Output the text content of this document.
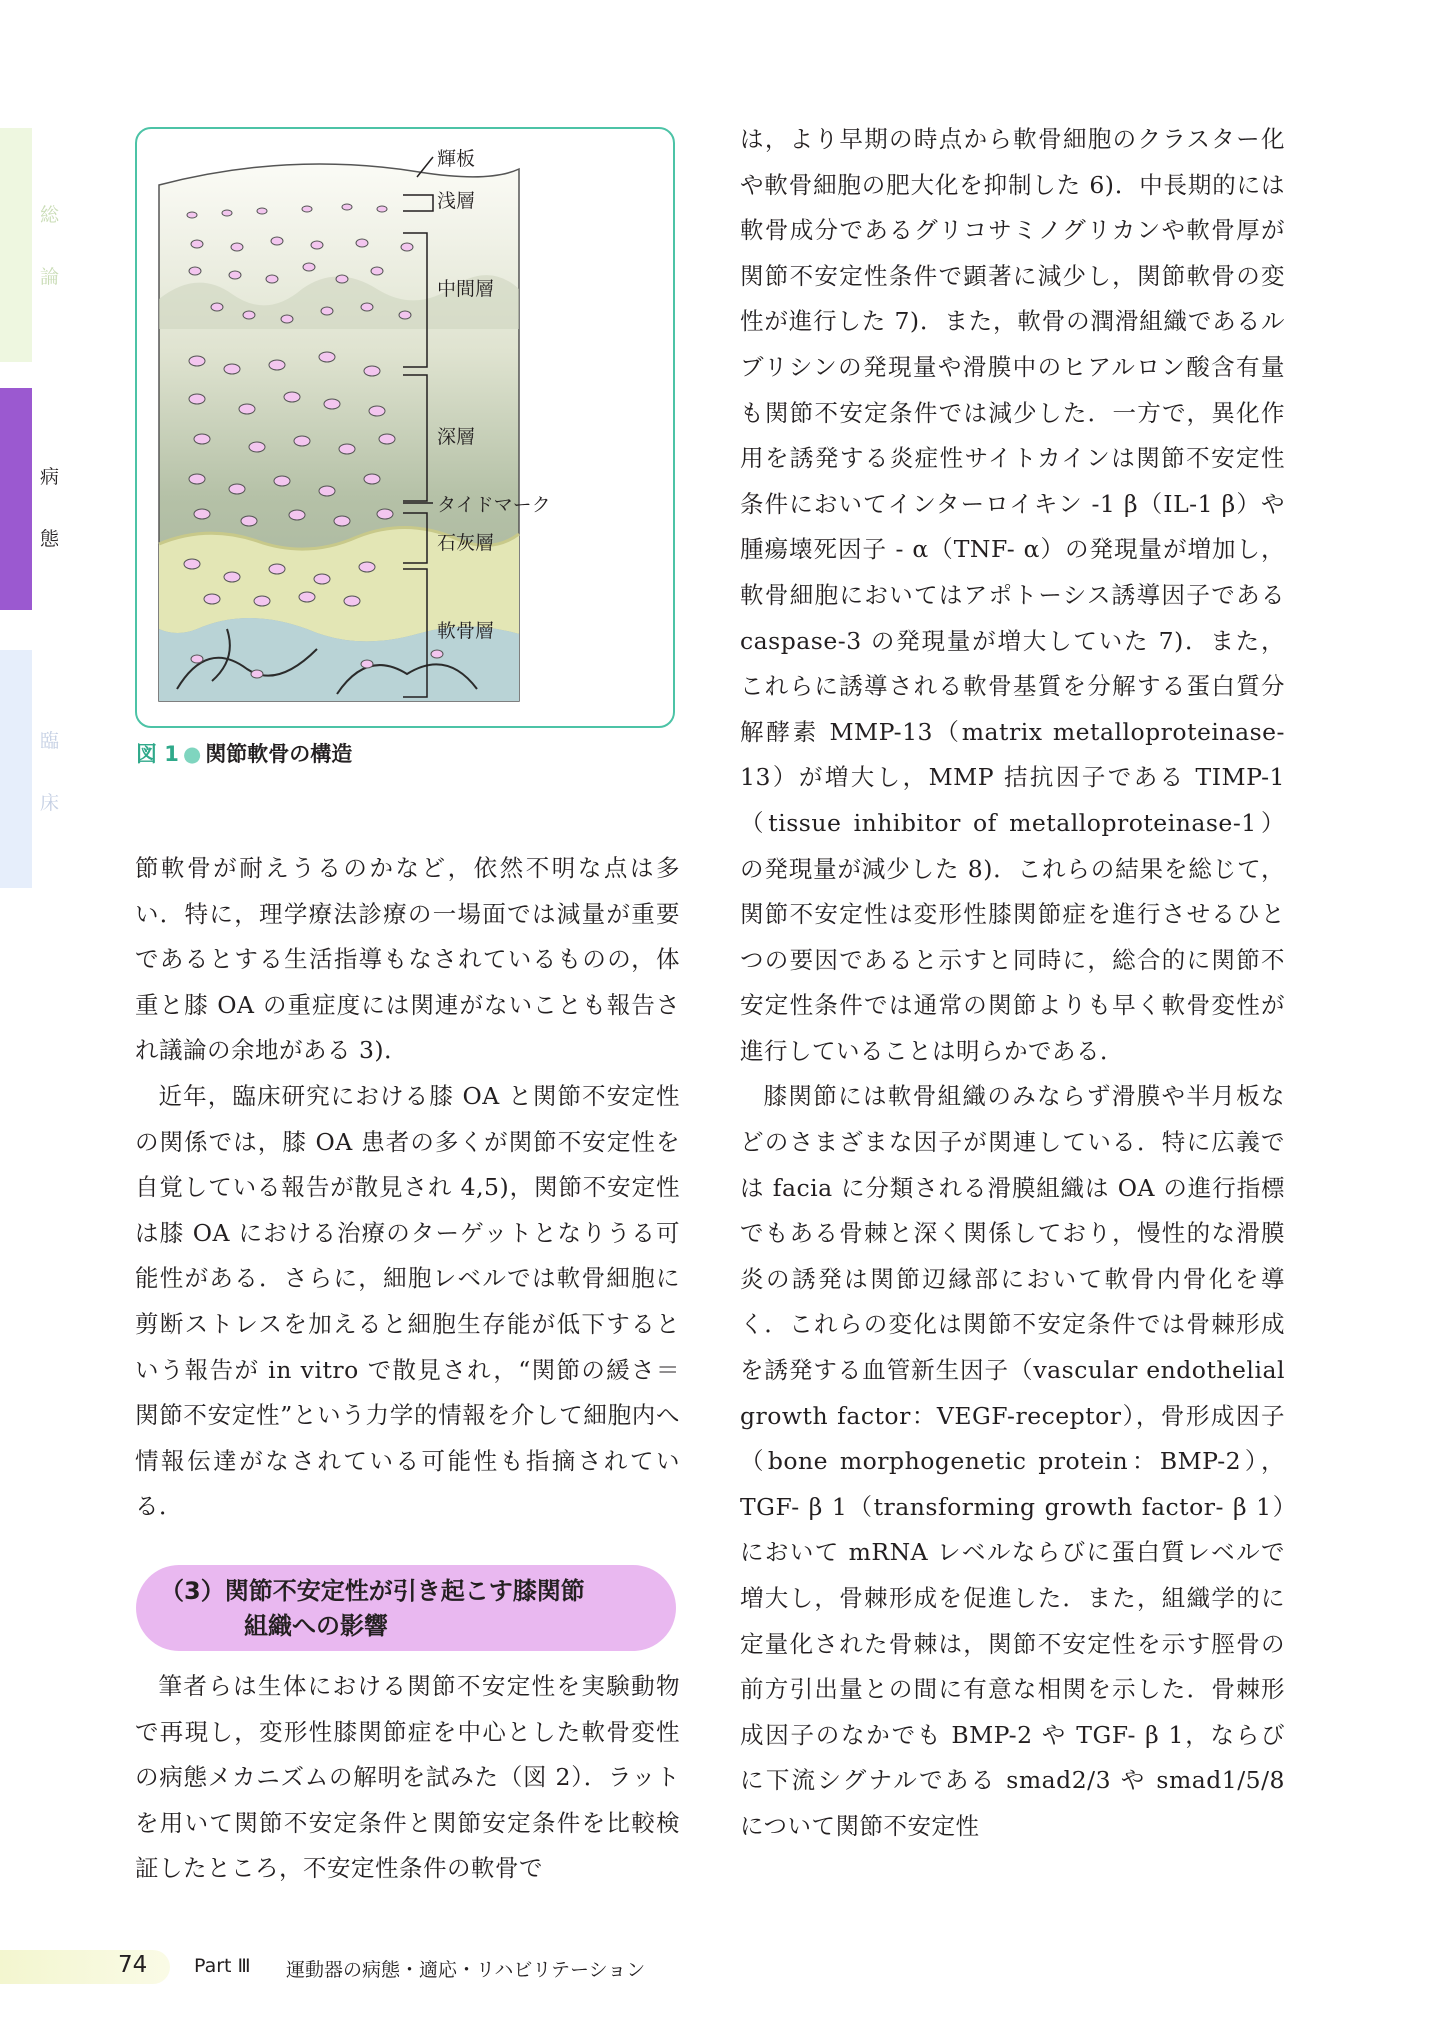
総
論
病
態
臨
床
輝板
浅層
中間層
深層
タイドマーク
石灰層
軟骨層
図 1 ● 関節軟骨の構造

節軟骨が耐えうるのかなど，依然不明な点は多い．特に，理学療法診療の一場面では減量が重要であるとする生活指導もなされているものの，体重と膝 OA の重症度には関連がないことも報告され議論の余地がある 3)．

近年，臨床研究における膝 OA と関節不安定性の関係では，膝 OA 患者の多くが関節不安定性を自覚している報告が散見され 4,5)，関節不安定性は膝 OA における治療のターゲットとなりうる可能性がある．さらに，細胞レベルでは軟骨細胞に剪断ストレスを加えると細胞生存能が低下するという報告が in vitro で散見され，“関節の緩さ＝関節不安定性”という力学的情報を介して細胞内へ情報伝達がなされている可能性も指摘されている．

（3）関節不安定性が引き起こす膝関節
組織への影響

筆者らは生体における関節不安定性を実験動物で再現し，変形性膝関節症を中心とした軟骨変性の病態メカニズムの解明を試みた（図 2）．ラットを用いて関節不安定条件と関節安定条件を比較検証したところ，不安定性条件の軟骨で

は，より早期の時点から軟骨細胞のクラスター化や軟骨細胞の肥大化を抑制した 6)．中長期的には軟骨成分であるグリコサミノグリカンや軟骨厚が関節不安定性条件で顕著に減少し，関節軟骨の変性が進行した 7)．また，軟骨の潤滑組織であるルブリシンの発現量や滑膜中のヒアルロン酸含有量も関節不安定条件では減少した．一方で，異化作用を誘発する炎症性サイトカインは関節不安定性条件においてインターロイキン -1 β（IL-1 β）や腫瘍壊死因子 - α（TNF- α）の発現量が増加し，軟骨細胞においてはアポトーシス誘導因子である caspase-3 の発現量が増大していた 7)．また，これらに誘導される軟骨基質を分解する蛋白質分解酵素 MMP-13（matrix metalloproteinase-13）が増大し，MMP 拮抗因子である TIMP-1（tissue inhibitor of metalloproteinase-1）の発現量が減少した 8)．これらの結果を総じて，関節不安定性は変形性膝関節症を進行させるひとつの要因であると示すと同時に，総合的に関節不安定性条件では通常の関節よりも早く軟骨変性が進行していることは明らかである．

膝関節には軟骨組織のみならず滑膜や半月板などのさまざまな因子が関連している．特に広義では facia に分類される滑膜組織は OA の進行指標でもある骨棘と深く関係しており，慢性的な滑膜炎の誘発は関節辺縁部において軟骨内骨化を導く．これらの変化は関節不安定条件では骨棘形成を誘発する血管新生因子（vascular endothelial growth factor：VEGF-receptor），骨形成因子（bone morphogenetic protein：BMP-2），TGF- β 1（transforming growth factor- β 1）において mRNA レベルならびに蛋白質レベルで増大し，骨棘形成を促進した．また，組織学的に定量化された骨棘は，関節不安定性を示す脛骨の前方引出量との間に有意な相関を示した．骨棘形成因子のなかでも BMP-2 や TGF- β 1，ならびに下流シグナルである smad2/3 や smad1/5/8 について関節不安定性

74 Part Ⅲ 運動器の病態・適応・リハビリテーション
